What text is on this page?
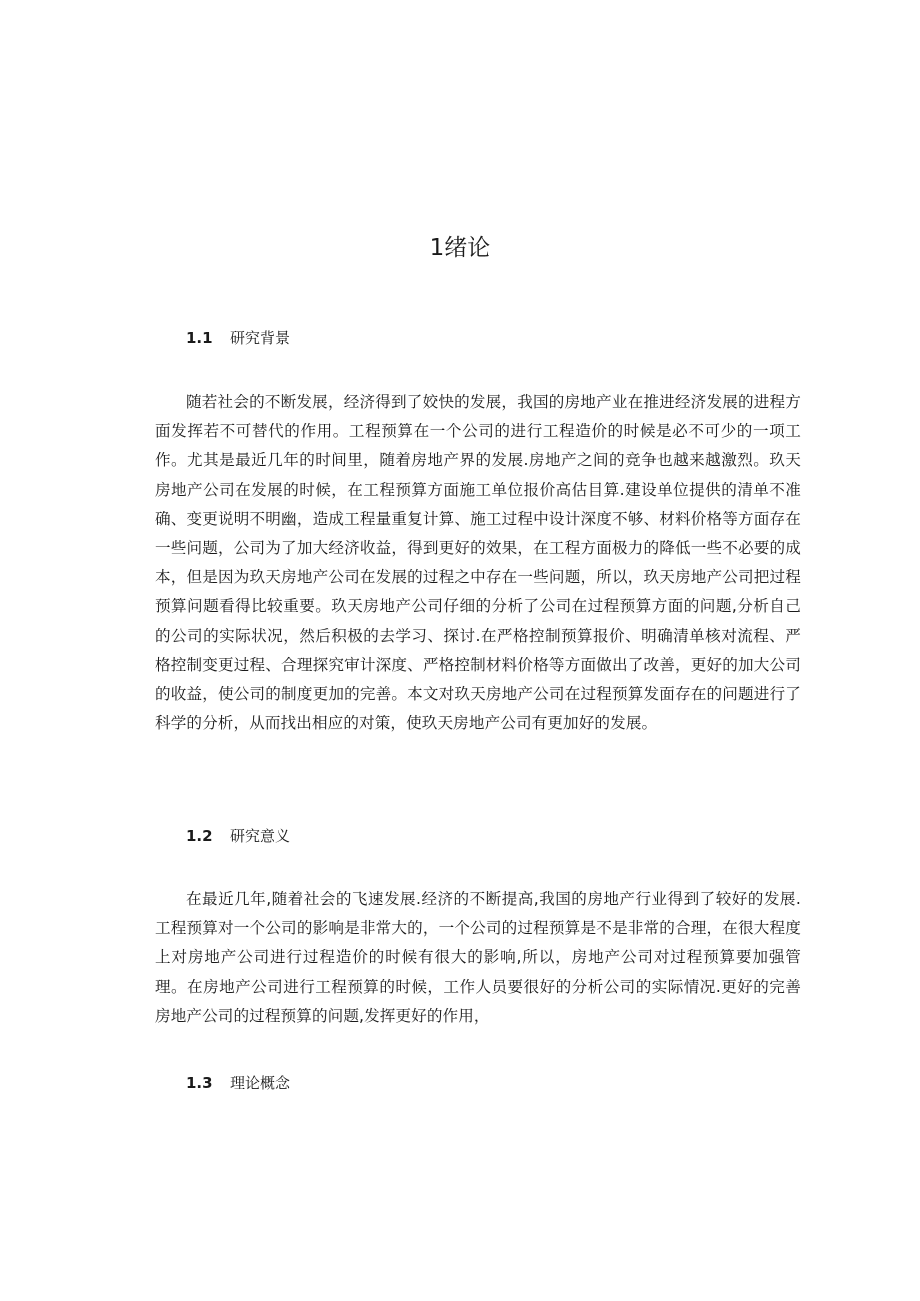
1绪论
1.1 研究背景

随若社会的不断发展，经济得到了姣快的发展，我国的房地产业在推进经济发展的进程方面发挥若不可替代的作用。工程预算在一个公司的进行工程造价的时候是必不可少的一项工作。尤其是最近几年的时间里，随着房地产界的发展.房地产之间的竞争也越来越激烈。玖天房地产公司在发展的时候，在工程预算方面施工单位报价高估目算.建设单位提供的清单不准确、变更说明不明幽，造成工程量重复计算、施工过程中设计深度不够、材料价格等方面存在一些问题，公司为了加大经济收益，得到更好的效果，在工程方面极力的降低一些不必要的成本，但是因为玖天房地产公司在发展的过程之中存在一些问题，所以，玖天房地产公司把过程预算问题看得比较重要。玖天房地产公司仔细的分析了公司在过程预算方面的问题,分析自己的公司的实际状况，然后积极的去学习、探讨.在严格控制预算报价、明确清单核对流程、严格控制变更过程、合理探究审计深度、严格控制材料价格等方面做出了改善，更好的加大公司的收益，使公司的制度更加的完善。本文对玖天房地产公司在过程预算发面存在的问题进行了科学的分析，从而找出相应的对策，使玖天房地产公司有更加好的发展。

1.2 研究意义

在最近几年,随着社会的飞速发展.经济的不断提高,我国的房地产行业得到了较好的发展.工程预算对一个公司的影响是非常大的，一个公司的过程预算是不是非常的合理，在很大程度上对房地产公司进行过程造价的时候有很大的影响,所以，房地产公司对过程预算要加强管理。在房地产公司进行工程预算的时候，工作人员要很好的分析公司的实际情况.更好的完善房地产公司的过程预算的问题,发挥更好的作用，

1.3 理论概念
